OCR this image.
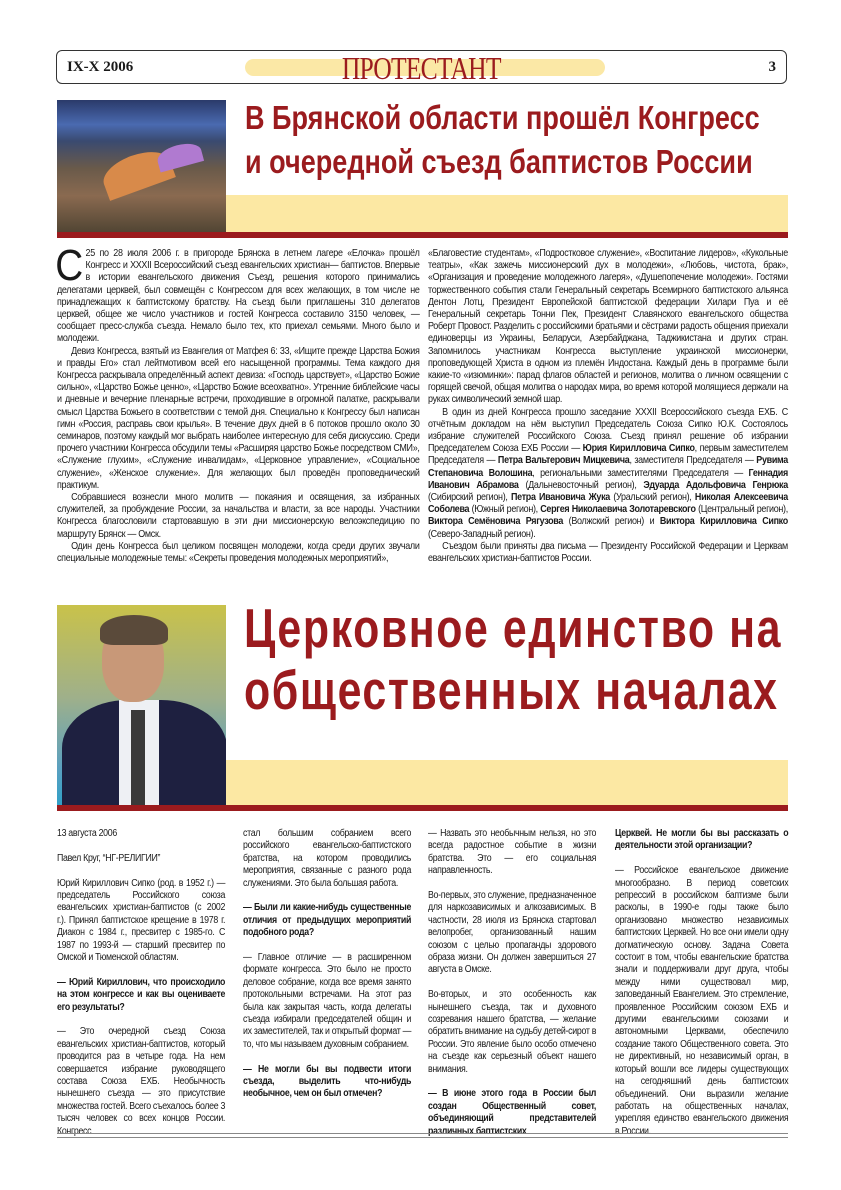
IX-X 2006	ПРОТЕСТАНТ	3
В Брянской области прошёл Конгресс
и очередной съезд баптистов России

С 25 по 28 июля 2006 г. в пригороде Брянска в летнем лагере «Елочка» прошёл Конгресс и XXXII Всероссийский съезд евангельских христиан— баптистов. Впервые в истории евангельского движения Съезд, решения которого принимались делегатами церквей, был совмещён с Конгрессом для всех желающих, в том числе не принадлежащих к баптистскому братству. На съезд были приглашены 310 делегатов церквей, общее же число участников и гостей Конгресса составило 3150 человек, — сообщает пресс-служба съезда. Немало было тех, кто приехал семьями. Много было и молодежи.

Девиз Конгресса, взятый из Евангелия от Матфея 6: 33, «Ищите прежде Царства Божия и правды Его» стал лейтмотивом всей его насыщенной программы. Тема каждого дня Конгресса раскрывала определённый аспект девиза: «Господь царствует», «Царство Божие сильно», «Царство Божье ценно», «Царство Божие всеохватно». Утренние библейские часы и дневные и вечерние пленарные встречи, проходившие в огромной палатке, раскрывали смысл Царства Божьего в соответствии с темой дня. Специально к Конгрессу был написан гимн «Россия, расправь свои крылья». В течение двух дней в 6 потоков прошло около 30 семинаров, поэтому каждый мог выбрать наиболее интересную для себя дискуссию. Среди прочего участники Конгресса обсудили темы «Расширяя царство Божье посредством СМИ», «Служение глухим», «Служение инвалидам», «Церковное управление», «Социальное служение», «Женское служение». Для желающих был проведён проповеднический практикум.

Собравшиеся вознесли много молитв — покаяния и освящения, за избранных служителей, за пробуждение России, за начальства и власти, за все народы. Участники Конгресса благословили стартовавшую в эти дни миссионерскую велоэкспедицию по маршруту Брянск — Омск.

Один день Конгресса был целиком посвящен молодежи, когда среди других звучали специальные молодежные темы: «Секреты проведения молодежных мероприятий»,

«Благовестие студентам», «Подростковое служение», «Воспитание лидеров», «Кукольные театры», «Как зажечь миссионерский дух в молодежи», «Любовь, чистота, брак», «Организация и проведение молодежного лагеря», «Душепопечение молодежи». Гостями торжественного события стали Генеральный секретарь Всемирного баптистского альянса Дентон Лотц, Президент Европейской баптистской федерации Хилари Пуа и её Генеральный секретарь Тонни Пек, Президент Славянского евангельского общества Роберт Провост. Разделить с российскими братьями и сёстрами радость общения приехали единоверцы из Украины, Беларуси, Азербайджана, Таджикистана и других стран. Запомнилось участникам Конгресса выступление украинской миссионерки, проповедующей Христа в одном из племён Индостана. Каждый день в программе были какие-то «изюминки»: парад флагов областей и регионов, молитва о личном освящении с горящей свечой, общая молитва о народах мира, во время которой молящиеся держали на руках символический земной шар.

В один из дней Конгресса прошло заседание XXXII Всероссийского съезда ЕХБ. С отчётным докладом на нём выступил Председатель Союза Сипко Ю.К. Состоялось избрание служителей Российского Союза. Съезд принял решение об избрании Председателем Союза ЕХБ России — Юрия Кирилловича Сипко, первым заместителем Председателя — Петра Вальтерович Мицкевича, заместителя Председателя — Рувима Степановича Волошина, региональными заместителями Председателя — Геннадия Иванович Абрамова (Дальневосточный регион), Эдуарда Адольфовича Генрюка (Сибирский регион), Петра Ивановича Жука (Уральский регион), Николая Алексеевича Соболева (Южный регион), Сергея Николаевича Золотаревского (Центральный регион), Виктора Семёновича Рягузова (Волжский регион) и Виктора Кирилловича Сипко (Северо-Западный регион).

Съездом были приняты два письма — Президенту Российской Федерации и Церквам евангельских христиан-баптистов России.

Церковное единство на
общественных началах

13 августа 2006

Павел Круг, “НГ-РЕЛИГИИ”

Юрий Кириллович Сипко (род. в 1952 г.) — председатель Российского союза евангельских христиан-баптистов (с 2002 г.). Принял баптистское крещение в 1978 г. Диакон с 1984 г., пресвитер с 1985-го. С 1987 по 1993-й — старший пресвитер по Омской и Тюменской областям.

— Юрий Кириллович, что происходило на этом конгрессе и как вы оцениваете его результаты?

— Это очередной съезд Союза евангельских христиан-баптистов, который проводится раз в четыре года. На нем совершается избрание руководящего состава Союза ЕХБ. Необычность нынешнего съезда — это присутствие множества гостей. Всего съехалось более 3 тысяч человек со всех концов России. Конгресс

стал большим собранием всего российского евангельско-баптистского братства, на котором проводились мероприятия, связанные с разного рода служениями. Это была большая работа.

— Были ли какие-нибудь существенные отличия от предыдущих мероприятий подобного рода?

— Главное отличие — в расширенном формате конгресса. Это было не просто деловое собрание, когда все время занято протокольными встречами. На этот раз была как закрытая часть, когда делегаты съезда избирали председателей общин и их заместителей, так и открытый формат — то, что мы называем духовным собранием.

— Не могли бы вы подвести итоги съезда, выделить что-нибудь необычное, чем он был отмечен?

— Назвать это необычным нельзя, но это всегда радостное событие в жизни братства. Это — его социальная направленность.

Во-первых, это служение, предназначенное для наркозависимых и алкозависимых. В частности, 28 июля из Брянска стартовал велопробег, организованный нашим союзом с целью пропаганды здорового образа жизни. Он должен завершиться 27 августа в Омске.

Во-вторых, и это особенность как нынешнего съезда, так и духовного созревания нашего братства, — желание обратить внимание на судьбу детей-сирот в России. Это явление было особо отмечено на съезде как серьезный объект нашего внимания.

— В июне этого года в России был создан Общественный совет, объединяющий представителей различных баптистских

Церквей. Не могли бы вы рассказать о деятельности этой организации?

— Российское евангельское движение многообразно. В период советских репрессий в российском баптизме были расколы, в 1990-е годы также было организовано множество независимых баптистских Церквей. Но все они имели одну догматическую основу. Задача Совета состоит в том, чтобы евангельские братства знали и поддерживали друг друга, чтобы между ними существовал мир, заповеданный Евангелием. Это стремление, проявленное Российским союзом ЕХБ и другими евангельскими союзами и автономными Церквами, обеспечило создание такого Общественного совета. Это не директивный, но независимый орган, в который вошли все лидеры существующих на сегодняшний день баптистских объединений. Они выразили желание работать на общественных началах, укрепляя единство евангельского движения в России.
